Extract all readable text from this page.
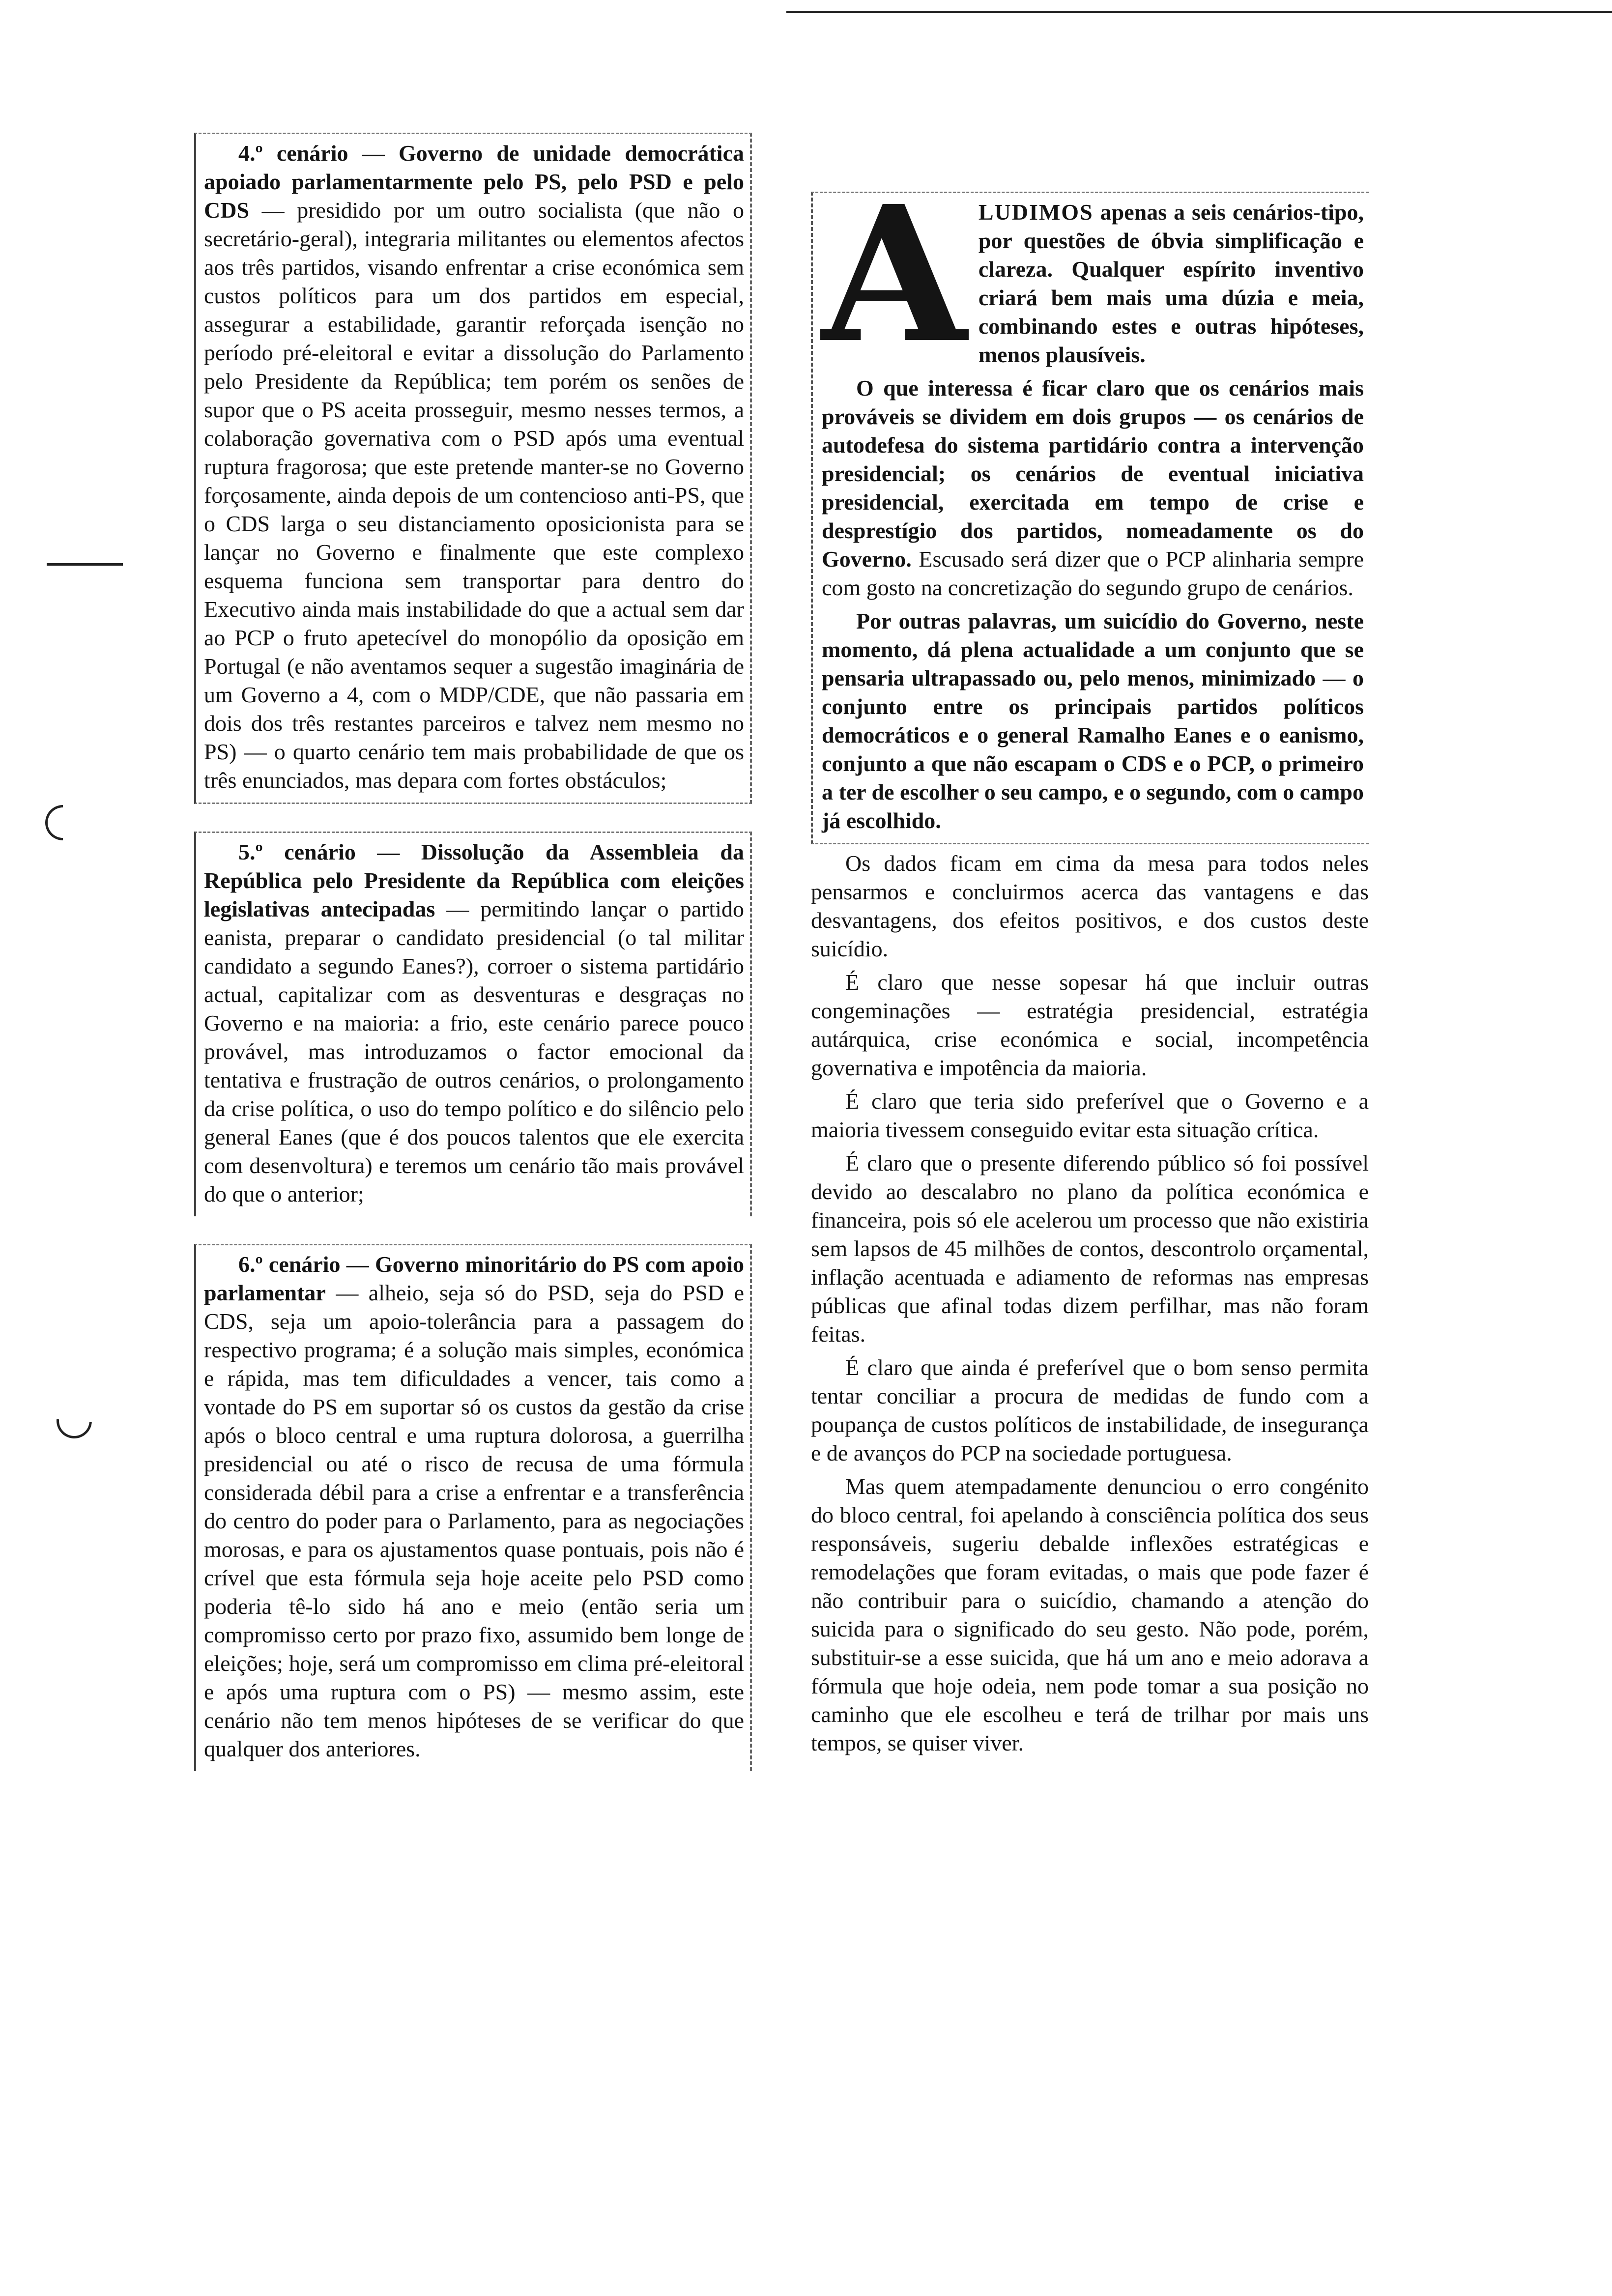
4.º cenário — Governo de unidade democrática apoiado parlamentarmente pelo PS, pelo PSD e pelo CDS — presidido por um outro socialista (que não o secretário-geral), integraria militantes ou elementos afectos aos três partidos, visando enfrentar a crise económica sem custos políticos para um dos partidos em especial, assegurar a estabilidade, garantir reforçada isenção no período pré-eleitoral e evitar a dissolução do Parlamento pelo Presidente da República; tem porém os senões de supor que o PS aceita prosseguir, mesmo nesses termos, a colaboração governativa com o PSD após uma eventual ruptura fragorosa; que este pretende manter-se no Governo forçosamente, ainda depois de um contencioso anti-PS, que o CDS larga o seu distanciamento oposicionista para se lançar no Governo e finalmente que este complexo esquema funciona sem transportar para dentro do Executivo ainda mais instabilidade do que a actual sem dar ao PCP o fruto apetecível do monopólio da oposição em Portugal (e não aventamos sequer a sugestão imaginária de um Governo a 4, com o MDP/CDE, que não passaria em dois dos três restantes parceiros e talvez nem mesmo no PS) — o quarto cenário tem mais probabilidade de que os três enunciados, mas depara com fortes obstáculos;

5.º cenário — Dissolução da Assembleia da República pelo Presidente da República com eleições legislativas antecipadas — permitindo lançar o partido eanista, preparar o candidato presidencial (o tal militar candidato a segundo Eanes?), corroer o sistema partidário actual, capitalizar com as desventuras e desgraças no Governo e na maioria: a frio, este cenário parece pouco provável, mas introduzamos o factor emocional da tentativa e frustração de outros cenários, o prolongamento da crise política, o uso do tempo político e do silêncio pelo general Eanes (que é dos poucos talentos que ele exercita com desenvoltura) e teremos um cenário tão mais provável do que o anterior;

6.º cenário — Governo minoritário do PS com apoio parlamentar — alheio, seja só do PSD, seja do PSD e CDS, seja um apoio-tolerância para a passagem do respectivo programa; é a solução mais simples, económica e rápida, mas tem dificuldades a vencer, tais como a vontade do PS em suportar só os custos da gestão da crise após o bloco central e uma ruptura dolorosa, a guerrilha presidencial ou até o risco de recusa de uma fórmula considerada débil para a crise a enfrentar e a transferência do centro do poder para o Parlamento, para as negociações morosas, e para os ajustamentos quase pontuais, pois não é crível que esta fórmula seja hoje aceite pelo PSD como poderia tê-lo sido há ano e meio (então seria um compromisso certo por prazo fixo, assumido bem longe de eleições; hoje, será um compromisso em clima pré-eleitoral e após uma ruptura com o PS) — mesmo assim, este cenário não tem menos hipóteses de se verificar do que qualquer dos anteriores.

A LUDIMOS apenas a seis cenários-tipo, por questões de óbvia simplificação e clareza. Qualquer espírito inventivo criará bem mais uma dúzia e meia, combinando estes e outras hipóteses, menos plausíveis.

O que interessa é ficar claro que os cenários mais prováveis se dividem em dois grupos — os cenários de autodefesa do sistema partidário contra a intervenção presidencial; os cenários de eventual iniciativa presidencial, exercitada em tempo de crise e desprestígio dos partidos, nomeadamente os do Governo. Escusado será dizer que o PCP alinharia sempre com gosto na concretização do segundo grupo de cenários.

Por outras palavras, um suicídio do Governo, neste momento, dá plena actualidade a um conjunto que se pensaria ultrapassado ou, pelo menos, minimizado — o conjunto entre os principais partidos políticos democráticos e o general Ramalho Eanes e o eanismo, conjunto a que não escapam o CDS e o PCP, o primeiro a ter de escolher o seu campo, e o segundo, com o campo já escolhido.

Os dados ficam em cima da mesa para todos neles pensarmos e concluirmos acerca das vantagens e das desvantagens, dos efeitos positivos, e dos custos deste suicídio.

É claro que nesse sopesar há que incluir outras congeminações — estratégia presidencial, estratégia autárquica, crise económica e social, incompetência governativa e impotência da maioria.

É claro que teria sido preferível que o Governo e a maioria tivessem conseguido evitar esta situação crítica.

É claro que o presente diferendo público só foi possível devido ao descalabro no plano da política económica e financeira, pois só ele acelerou um processo que não existiria sem lapsos de 45 milhões de contos, descontrolo orçamental, inflação acentuada e adiamento de reformas nas empresas públicas que afinal todas dizem perfilhar, mas não foram feitas.

É claro que ainda é preferível que o bom senso permita tentar conciliar a procura de medidas de fundo com a poupança de custos políticos de instabilidade, de insegurança e de avanços do PCP na sociedade portuguesa.

Mas quem atempadamente denunciou o erro congénito do bloco central, foi apelando à consciência política dos seus responsáveis, sugeriu debalde inflexões estratégicas e remodelações que foram evitadas, o mais que pode fazer é não contribuir para o suicídio, chamando a atenção do suicida para o significado do seu gesto. Não pode, porém, substituir-se a esse suicida, que há um ano e meio adorava a fórmula que hoje odeia, nem pode tomar a sua posição no caminho que ele escolheu e terá de trilhar por mais uns tempos, se quiser viver.
